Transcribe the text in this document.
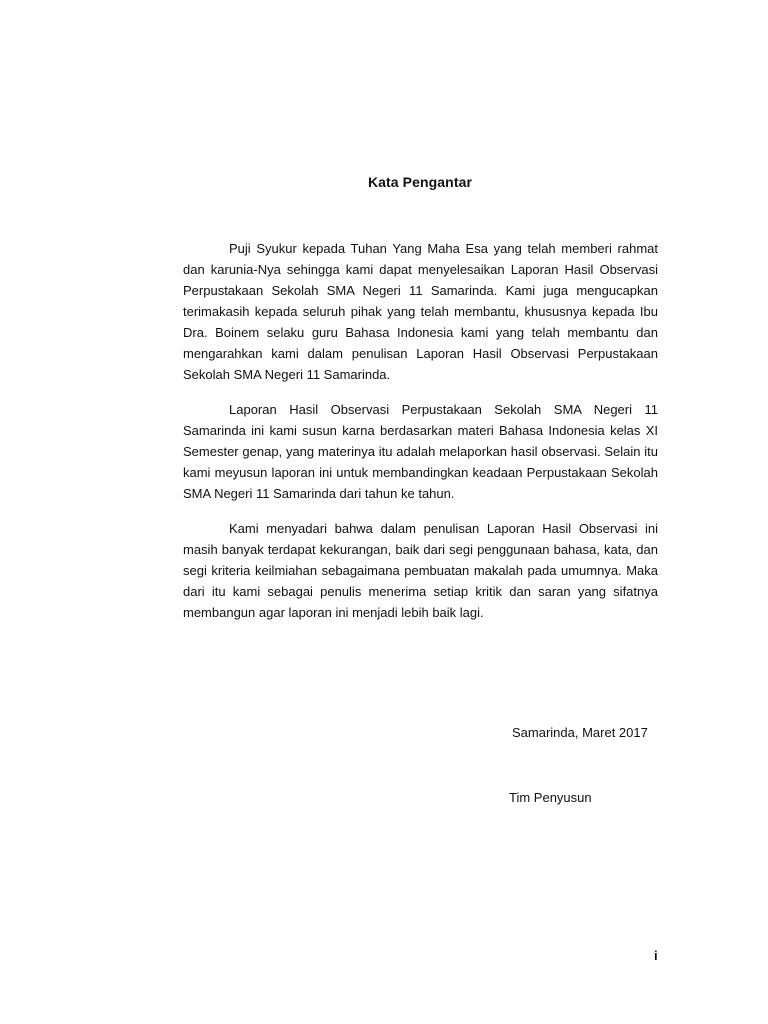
Kata Pengantar

Puji Syukur kepada Tuhan Yang Maha Esa yang telah memberi rahmat dan karunia-Nya sehingga kami dapat menyelesaikan Laporan Hasil Observasi Perpustakaan Sekolah SMA Negeri 11 Samarinda. Kami juga mengucapkan terimakasih kepada seluruh pihak yang telah membantu, khususnya kepada Ibu Dra. Boinem selaku guru Bahasa Indonesia kami yang telah membantu dan mengarahkan kami dalam penulisan Laporan Hasil Observasi Perpustakaan Sekolah SMA Negeri 11 Samarinda.

Laporan Hasil Observasi Perpustakaan Sekolah SMA Negeri 11 Samarinda ini kami susun karna berdasarkan materi Bahasa Indonesia kelas XI Semester genap, yang materinya itu adalah melaporkan hasil observasi. Selain itu kami meyusun laporan ini untuk membandingkan keadaan Perpustakaan Sekolah SMA Negeri 11 Samarinda dari tahun ke tahun.

Kami menyadari bahwa dalam penulisan Laporan Hasil Observasi ini masih banyak terdapat kekurangan, baik dari segi penggunaan bahasa, kata, dan segi kriteria keilmiahan sebagaimana pembuatan makalah pada umumnya. Maka dari itu kami sebagai penulis menerima setiap kritik dan saran yang sifatnya membangun agar laporan ini menjadi lebih baik lagi.

Samarinda, Maret 2017
Tim Penyusun
i
